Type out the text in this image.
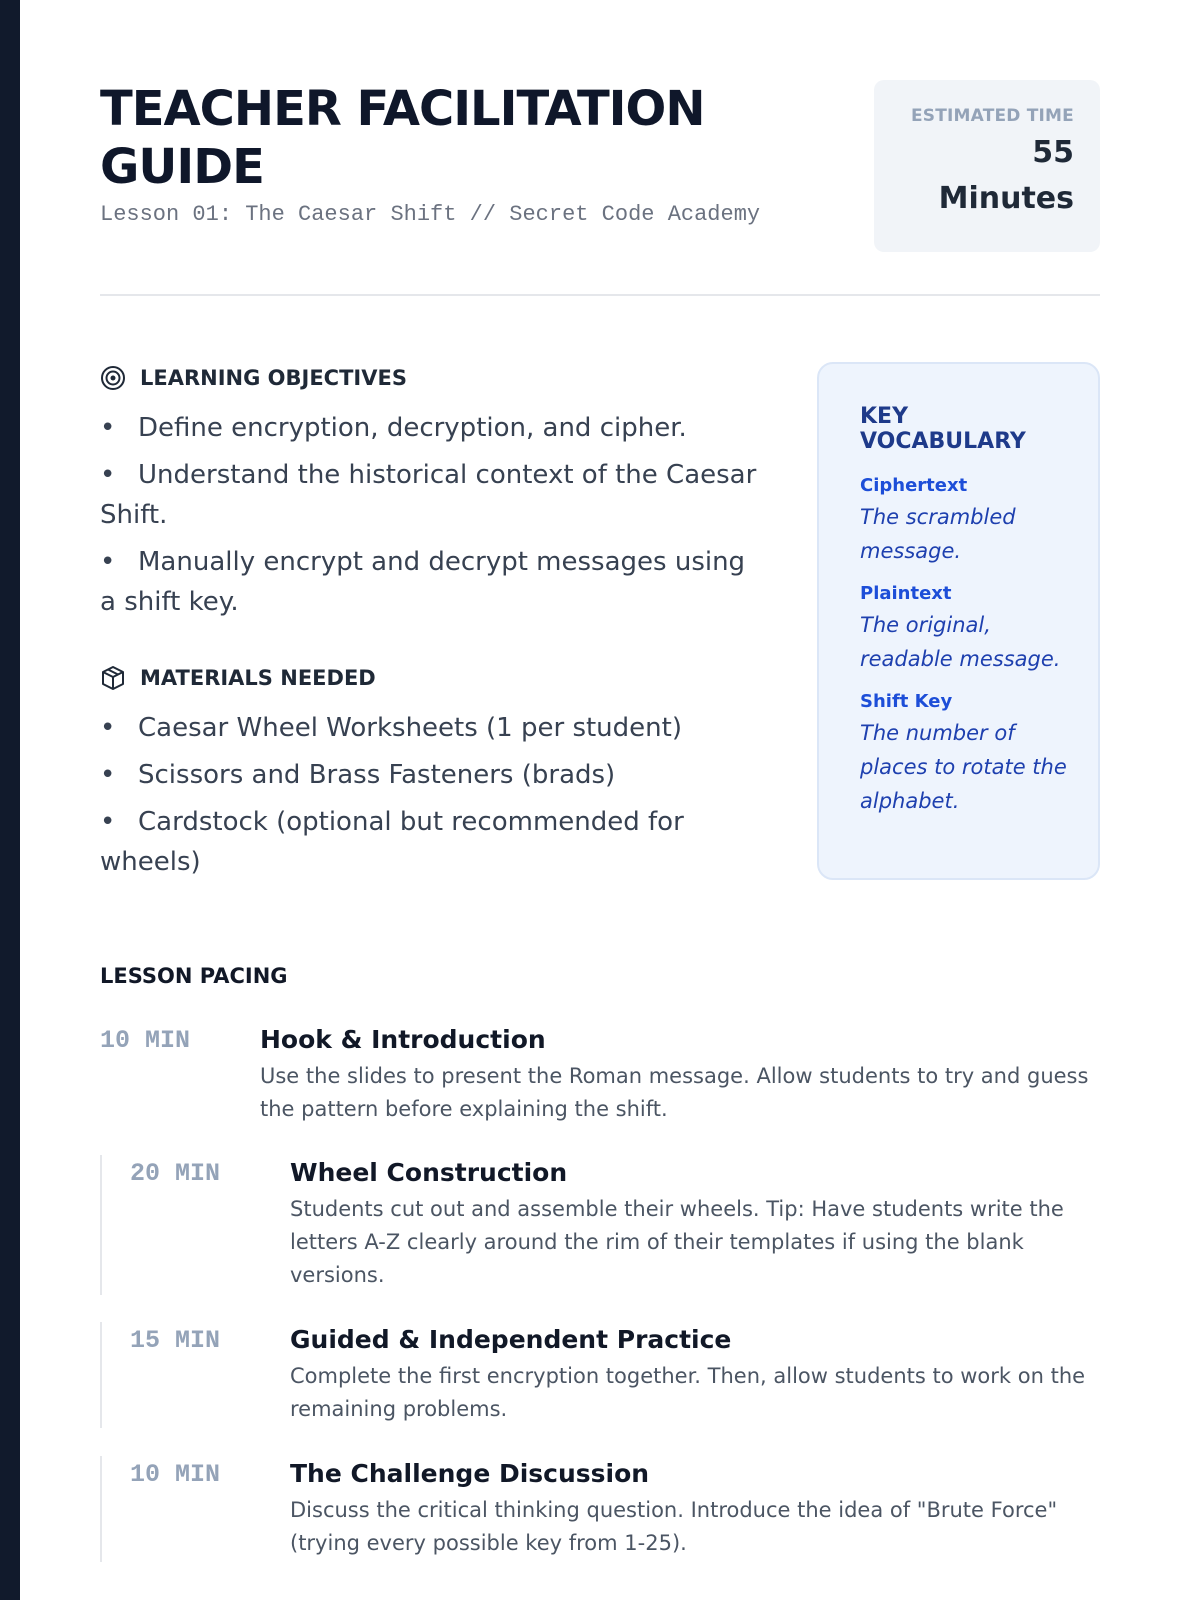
TEACHER FACILITATION GUIDE

Lesson 01: The Caesar Shift // Secret Code Academy

ESTIMATED TIME
55
Minutes
LEARNING OBJECTIVES
• Define encryption, decryption, and cipher.
• Understand the historical context of the Caesar Shift.
• Manually encrypt and decrypt messages using a shift key.
MATERIALS NEEDED
• Caesar Wheel Worksheets (1 per student)
• Scissors and Brass Fasteners (brads)
• Cardstock (optional but recommended for wheels)
KEY VOCABULARY
Ciphertext
The scrambled message.
Plaintext
The original, readable message.
Shift Key
The number of places to rotate the alphabet.
LESSON PACING
10 MIN	Hook & Introduction
Use the slides to present the Roman message. Allow students to try and guess the pattern before explaining the shift.
20 MIN	Wheel Construction
Students cut out and assemble their wheels. Tip: Have students write the letters A-Z clearly around the rim of their templates if using the blank versions.
15 MIN	Guided & Independent Practice
Complete the first encryption together. Then, allow students to work on the remaining problems.
10 MIN	The Challenge Discussion
Discuss the critical thinking question. Introduce the idea of "Brute Force" (trying every possible key from 1-25).
